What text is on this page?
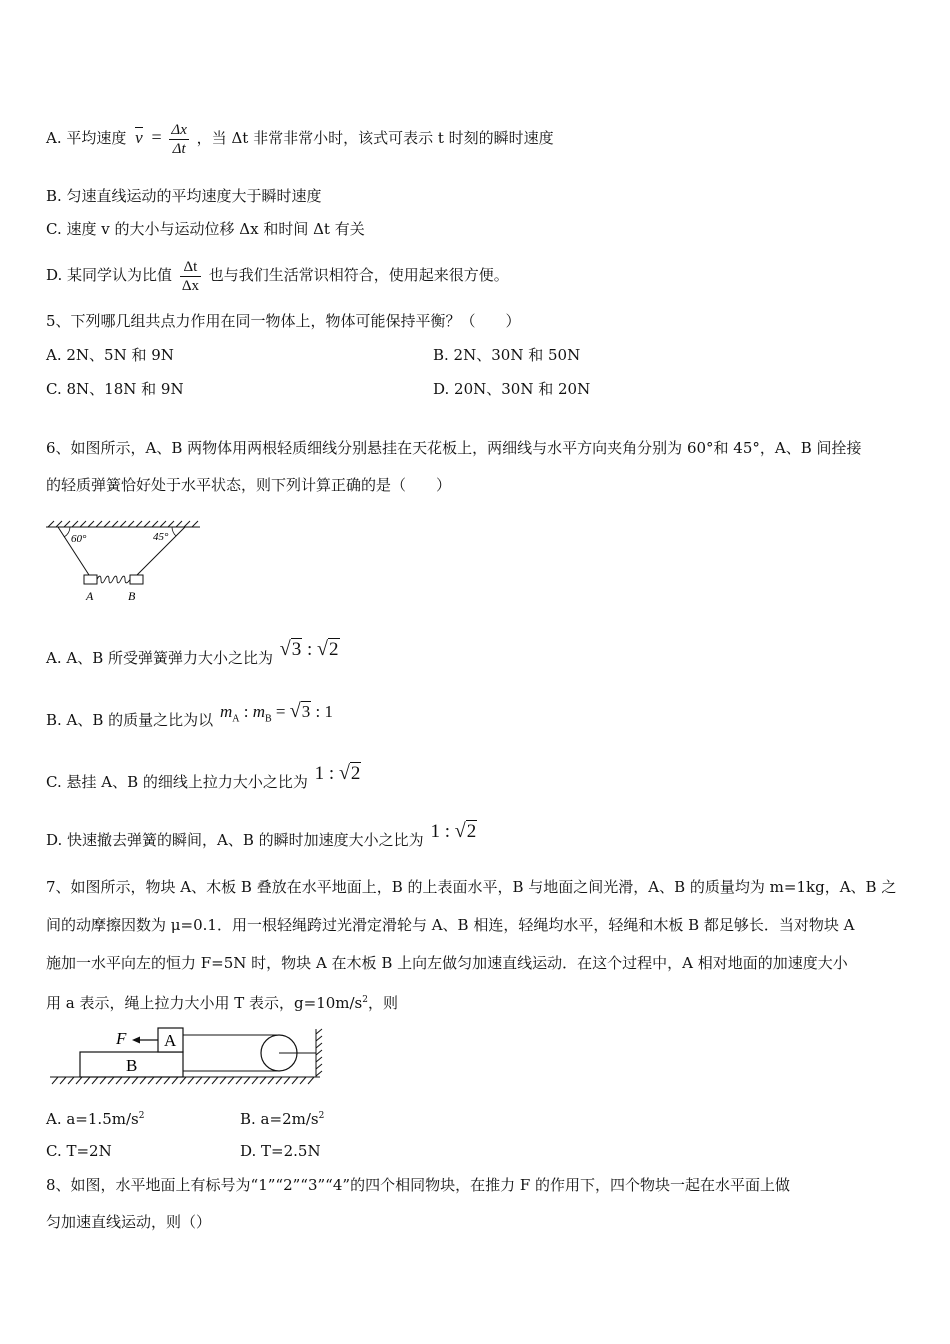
A. 平均速度 $v = \frac{\Delta x}{\Delta t}$ ，当 Δt 非常非常小时，该式可表示 t 时刻的瞬时速度
B. 匀速直线运动的平均速度大于瞬时速度
C. 速度 v 的大小与运动位移 Δx 和时间 Δt 有关
D. 某同学认为比值 $\frac{\Delta t}{\Delta x}$ 也与我们生活常识相符合，使用起来很方便。
5、下列哪几组共点力作用在同一物体上，物体可能保持平衡？（　　）
A. 2N、5N 和 9N	B. 2N、30N 和 50N
C. 8N、18N 和 9N	D. 20N、30N 和 20N
6、如图所示，A、B 两物体用两根轻质细线分别悬挂在天花板上，两细线与水平方向夹角分别为 60°和 45°，A、B 间拴接
的轻质弹簧恰好处于水平状态，则下列计算正确的是（　　）
60°	45°
A	B
A. A、B 所受弹簧弹力大小之比为 √3 : √2
B. A、B 的质量之比为以 $m_A$ : $m_B = √3$ : 1
C. 悬挂 A、B 的细线上拉力大小之比为 1 : √2
D. 快速撤去弹簧的瞬间，A、B 的瞬时加速度大小之比为 1 : √2
7、如图所示，物块 A、木板 B 叠放在水平地面上，B 的上表面水平，B 与地面之间光滑，A、B 的质量均为 m=1kg，A、B 之
间的动摩擦因数为 μ=0.1．用一根轻绳跨过光滑定滑轮与 A、B 相连，轻绳均水平，轻绳和木板 B 都足够长．当对物块 A
施加一水平向左的恒力 F=5N 时，物块 A 在木板 B 上向左做匀加速直线运动．在这个过程中，A 相对地面的加速度大小
用 a 表示，绳上拉力大小用 T 表示，$g=10m/s^2$，则
B
A
F
A. $a=1.5m/s^2$	B. $a=2m/s^2$
C. T=2N	D. T=2.5N
8、如图，水平地面上有标号为“1”“2”“3”“4”的四个相同物块，在推力 F 的作用下，四个物块一起在水平面上做
匀加速直线运动，则（）
